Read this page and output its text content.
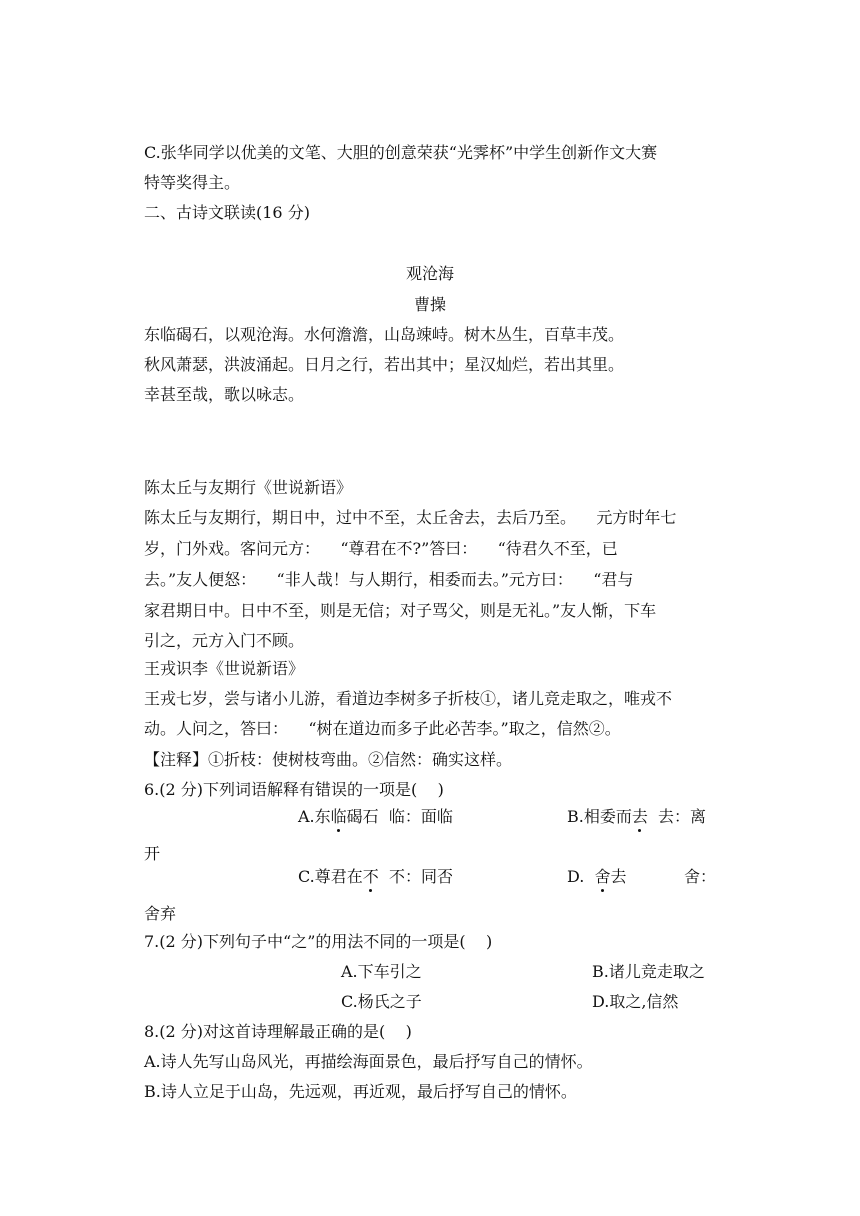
C.张华同学以优美的文笔、大胆的创意荣获“光霁杯”中学生创新作文大赛
特等奖得主。
二、古诗文联读(16 分)
观沧海
曹操
东临碣石，以观沧海。水何澹澹，山岛竦峙。树木丛生，百草丰茂。
秋风萧瑟，洪波涌起。日月之行，若出其中；星汉灿烂，若出其里。
幸甚至哉，歌以咏志。
陈太丘与友期行《世说新语》
陈太丘与友期行，期日中，过中不至，太丘舍去，去后乃至。    元方时年七
岁，门外戏。客问元方：    “尊君在不?”答曰：    “待君久不至，已
去。”友人便怒：    “非人哉！与人期行，相委而去。”元方曰：    “君与
家君期日中。日中不至，则是无信；对子骂父，则是无礼。”友人惭，下车
引之，元方入门不顾。
王戎识李《世说新语》
王戎七岁，尝与诸小儿游，看道边李树多子折枝①，诸儿竞走取之，唯戎不
动。人问之，答曰：    “树在道边而多子此必苦李。”取之，信然②。
【注释】①折枝：使树枝弯曲。②信然：确实这样。
6.(2 分)下列词语解释有错误的一项是(    )
A.东临碣石  临：面临	B.相委而去  去：离
开
C.尊君在不  不：同否	D.  舍去	舍：
舍弃
7.(2 分)下列句子中“之”的用法不同的一项是(    )
A.下车引之	B.诸儿竞走取之
C.杨氏之子	D.取之,信然
8.(2 分)对这首诗理解最正确的是(    )
A.诗人先写山岛风光，再描绘海面景色，最后抒写自己的情怀。
B.诗人立足于山岛，先远观，再近观，最后抒写自己的情怀。
